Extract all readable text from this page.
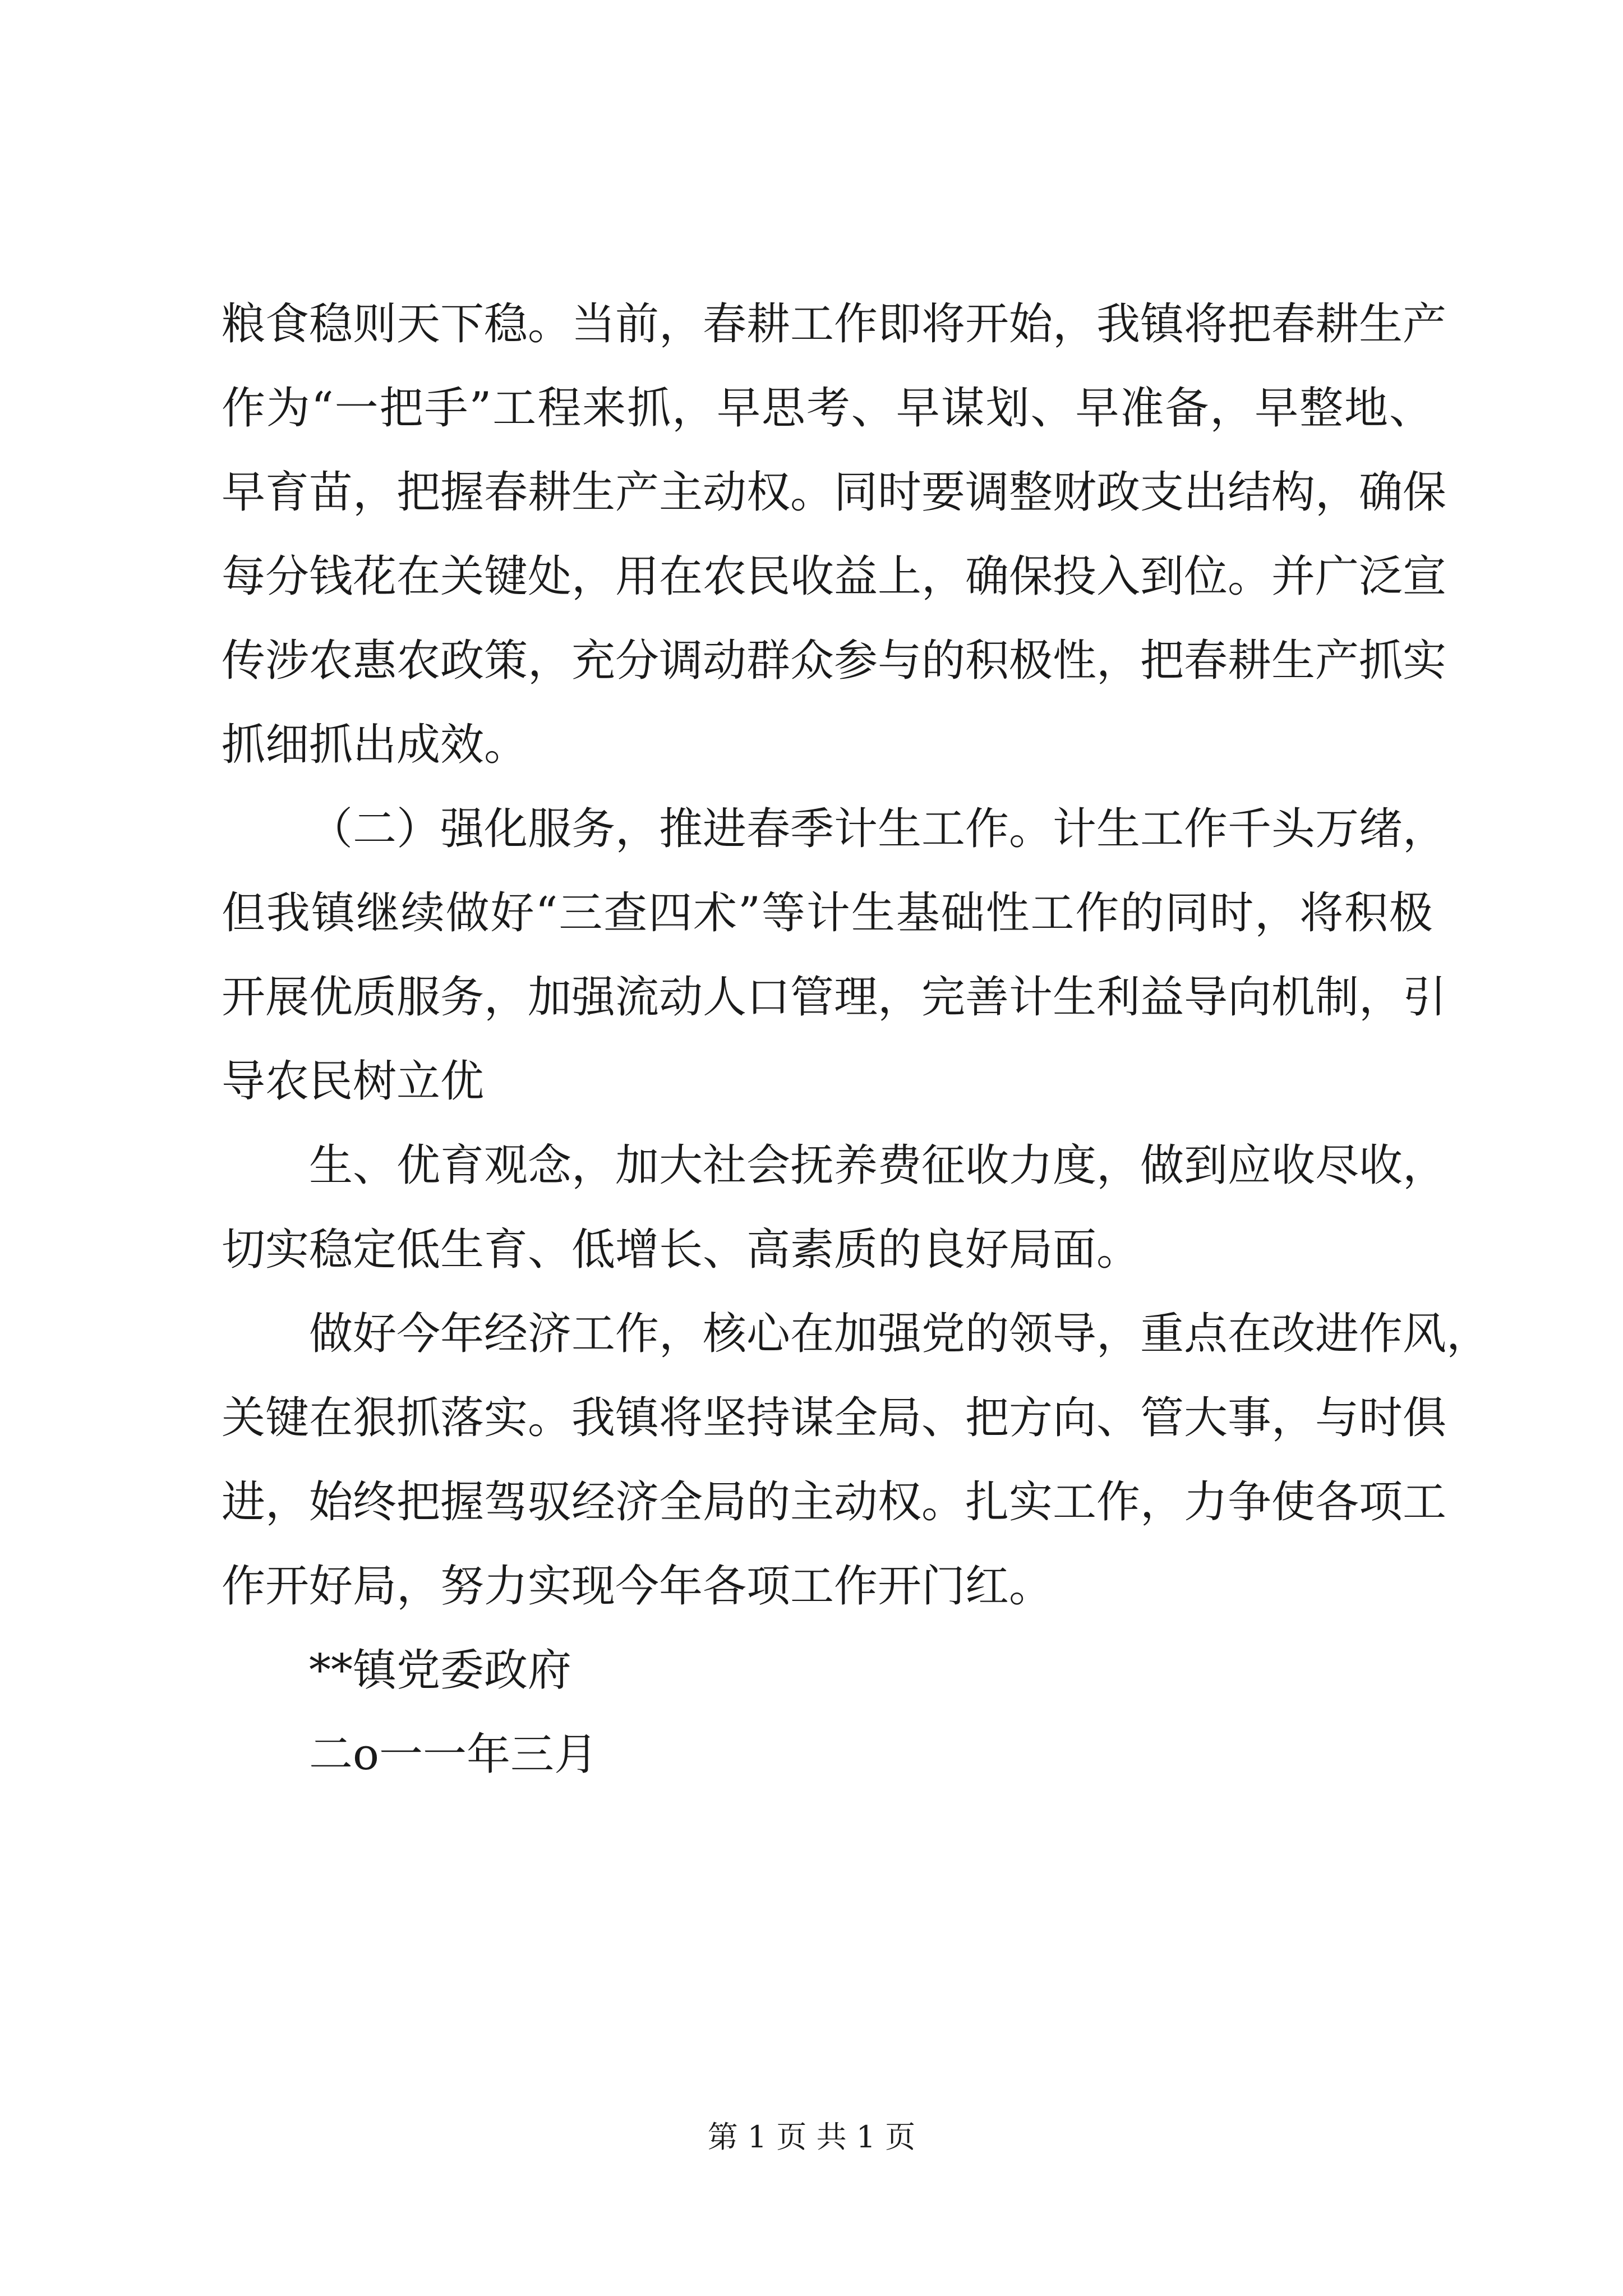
粮食稳则天下稳。当前，春耕工作即将开始，我镇将把春耕生产
作为“一把手”工程来抓，早思考、早谋划、早准备，早整地、
早育苗，把握春耕生产主动权。同时要调整财政支出结构，确保
每分钱花在关键处，用在农民收益上，确保投入到位。并广泛宣
传涉农惠农政策，充分调动群众参与的积极性，把春耕生产抓实
抓细抓出成效。
（二）强化服务，推进春季计生工作。计生工作千头万绪，
但我镇继续做好“三查四术”等计生基础性工作的同时，将积极
开展优质服务，加强流动人口管理，完善计生利益导向机制，引
导农民树立优
生、优育观念，加大社会抚养费征收力度，做到应收尽收，
切实稳定低生育、低增长、高素质的良好局面。
做好今年经济工作，核心在加强党的领导，重点在改进作风，
关键在狠抓落实。我镇将坚持谋全局、把方向、管大事，与时俱
进，始终把握驾驭经济全局的主动权。扎实工作，力争使各项工
作开好局，努力实现今年各项工作开门红。
**镇党委政府
二o一一年三月
第 1 页 共 1 页
